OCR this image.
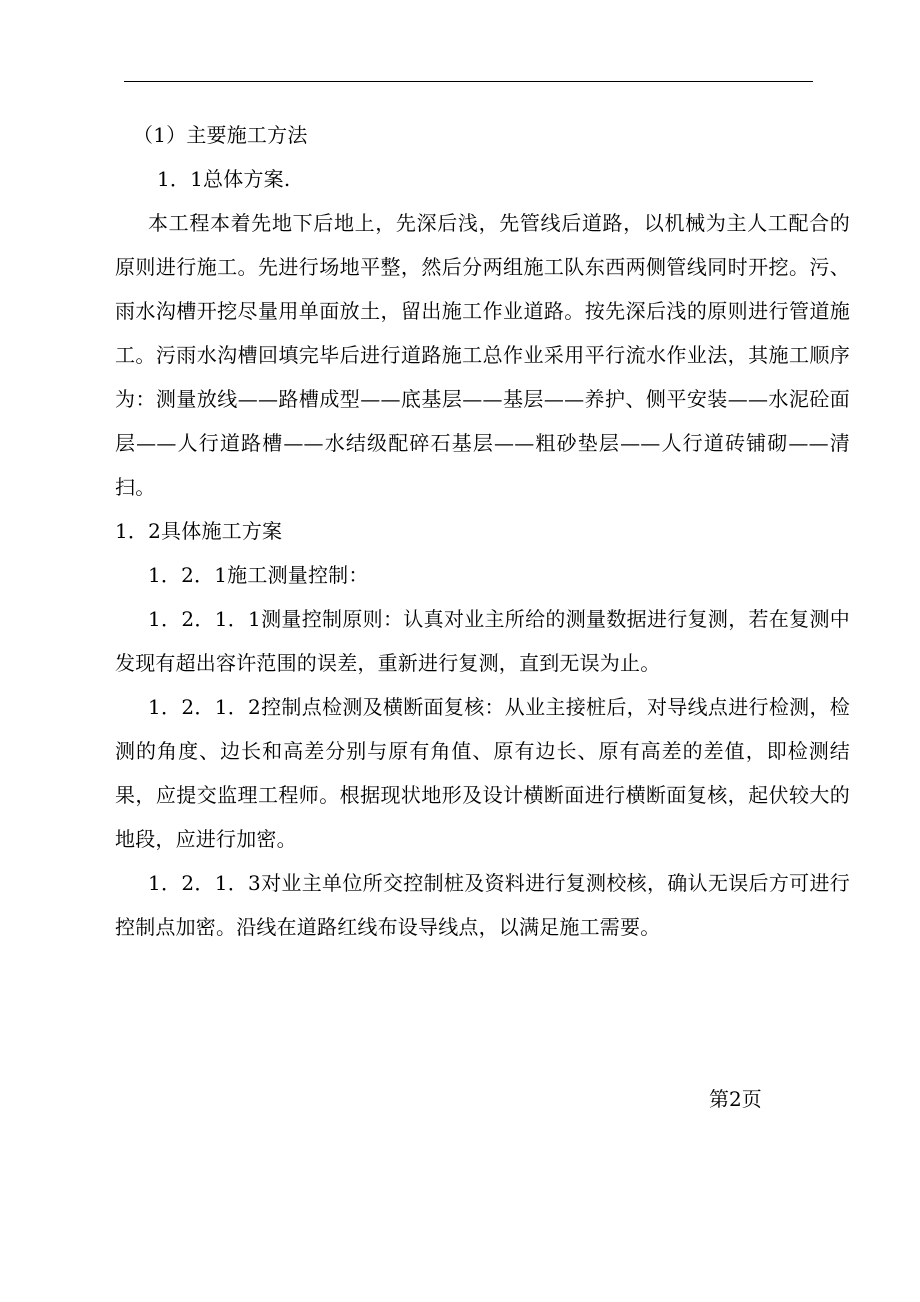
（1）主要施工方法

1．1总体方案.

本工程本着先地下后地上，先深后浅，先管线后道路，以机械为主人工配合的原则进行施工。先进行场地平整，然后分两组施工队东西两侧管线同时开挖。污、雨水沟槽开挖尽量用单面放土，留出施工作业道路。按先深后浅的原则进行管道施工。污雨水沟槽回填完毕后进行道路施工总作业采用平行流水作业法，其施工顺序为：测量放线——路槽成型——底基层——基层——养护、侧平安装——水泥砼面层——人行道路槽——水结级配碎石基层——粗砂垫层——人行道砖铺砌——清扫。

1．2具体施工方案

1．2．1施工测量控制：

1．2．1．1测量控制原则：认真对业主所给的测量数据进行复测，若在复测中发现有超出容许范围的误差，重新进行复测，直到无误为止。

1．2．1．2控制点检测及横断面复核：从业主接桩后，对导线点进行检测，检测的角度、边长和高差分别与原有角值、原有边长、原有高差的差值，即检测结果，应提交监理工程师。根据现状地形及设计横断面进行横断面复核，起伏较大的地段，应进行加密。

1．2．1．3对业主单位所交控制桩及资料进行复测校核，确认无误后方可进行控制点加密。沿线在道路红线布设导线点，以满足施工需要。

第2页
